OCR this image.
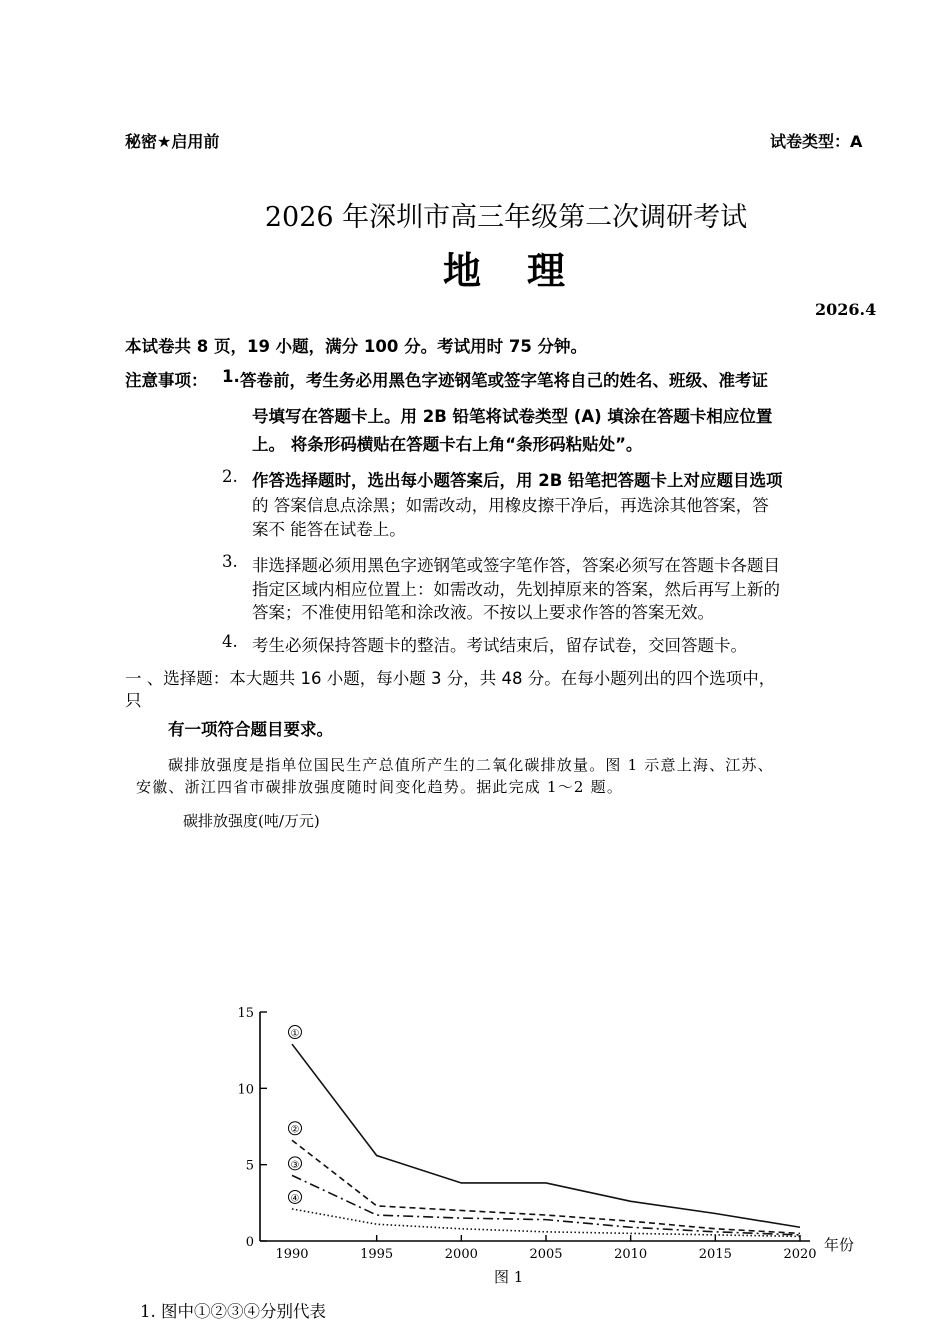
秘密★启用前	试卷类型：A
2026 年深圳市高三年级第二次调研考试
地　理
2026.4
本试卷共 8 页，19 小题，满分 100 分。考试用时 75 分钟。
注意事项： 1. 答卷前，考生务必用黑色字迹钢笔或签字笔将自己的姓名、班级、准考证
号填写在答题卡上。用 2B 铅笔将试卷类型 (A) 填涂在答题卡相应位置
上。 将条形码横贴在答题卡右上角“条形码粘贴处”。
2. 作答选择题时，选出每小题答案后，用 2B 铅笔把答题卡上对应题目选项
的 答案信息点涂黑；如需改动，用橡皮擦干净后，再选涂其他答案，答
案不 能答在试卷上。
3. 非选择题必须用黑色字迹钢笔或签字笔作答，答案必须写在答题卡各题目
指定区域内相应位置上：如需改动，先划掉原来的答案，然后再写上新的
答案；不准使用铅笔和涂改液。不按以上要求作答的答案无效。
4. 考生必须保持答题卡的整洁。考试结束后，留存试卷，交回答题卡。
一 、选择题：本大题共 16 小题，每小题 3 分，共 48 分。在每小题列出的四个选项中，
只
有一项符合题目要求。
碳排放强度是指单位国民生产总值所产生的二氧化碳排放量。图 1 示意上海、江苏、
安徽、浙江四省市碳排放强度随时间变化趋势。据此完成 1～2 题。
碳排放强度(吨/万元)
0
5
10
15
1990	1995	2000	2005	2010	2015	2020
年份
①
②
③
④
图 1
1. 图中①②③④分别代表
